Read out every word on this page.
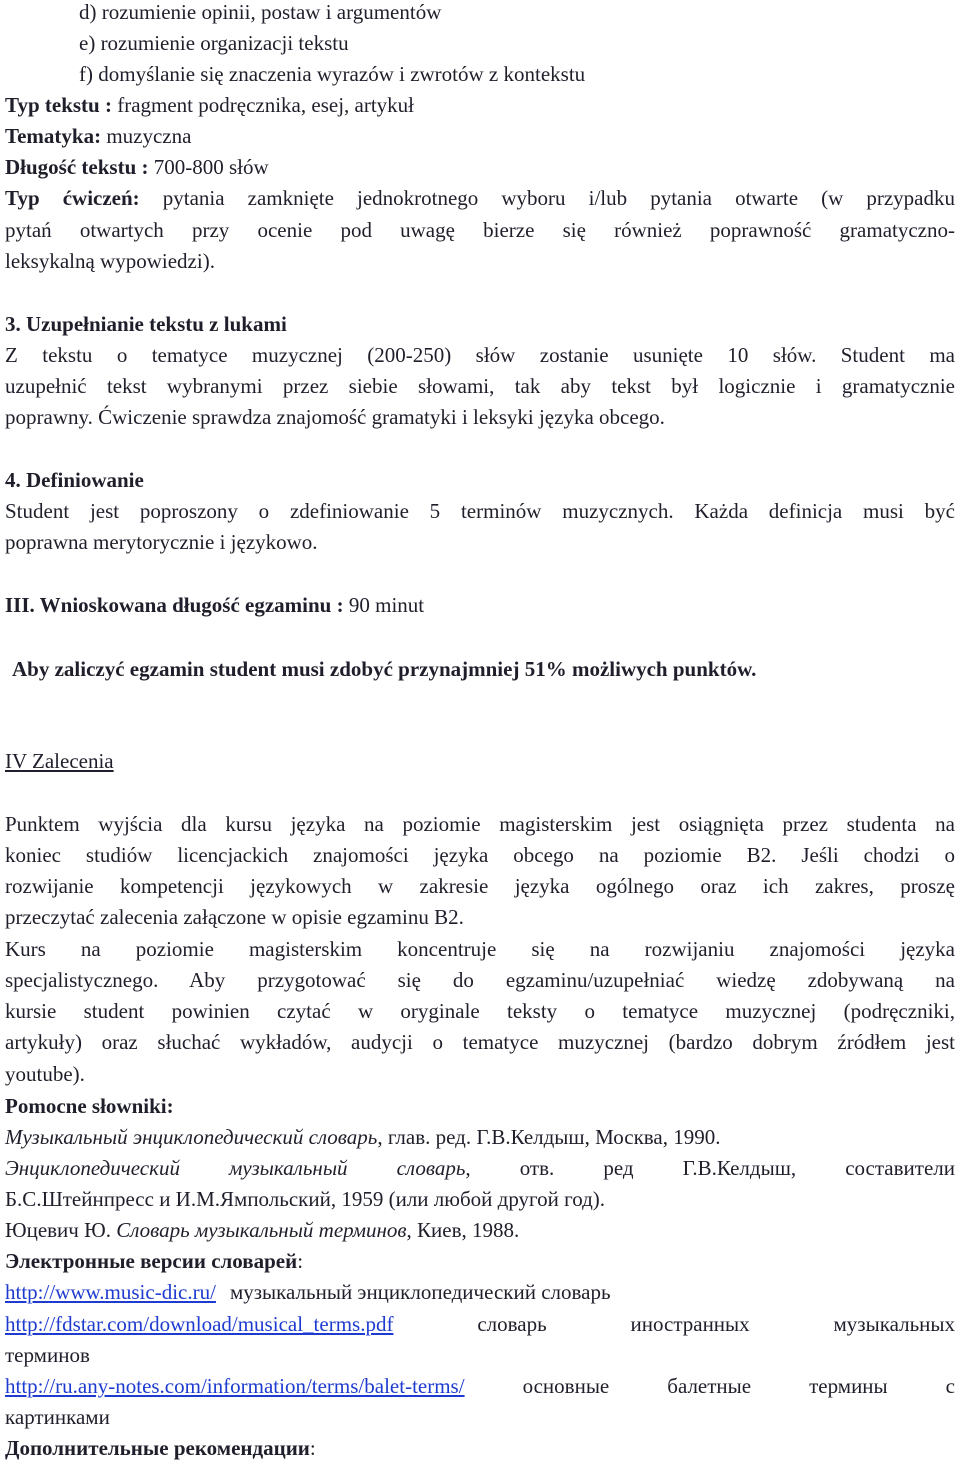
d) rozumienie opinii, postaw i argumentów
e) rozumienie organizacji tekstu
f) domyślanie się znaczenia wyrazów i zwrotów z kontekstu
Typ tekstu : fragment podręcznika, esej, artykuł
Tematyka: muzyczna
Długość tekstu : 700-800 słów
Typ ćwiczeń: pytania zamknięte jednokrotnego wyboru i/lub pytania otwarte (w przypadku
pytań otwartych przy ocenie pod uwagę bierze się również poprawność gramatyczno-
leksykalną wypowiedzi).
3. Uzupełnianie tekstu z lukami
Z tekstu o tematyce muzycznej (200-250) słów zostanie usunięte 10 słów. Student ma
uzupełnić tekst wybranymi przez siebie słowami, tak aby tekst był logicznie i gramatycznie
poprawny. Ćwiczenie sprawdza znajomość gramatyki i leksyki języka obcego.
4. Definiowanie
Student jest poproszony o zdefiniowanie 5 terminów muzycznych. Każda definicja musi być
poprawna merytorycznie i językowo.
III. Wnioskowana długość egzaminu : 90 minut
Aby zaliczyć egzamin student musi zdobyć przynajmniej 51% możliwych punktów.
IV Zalecenia
Punktem wyjścia dla kursu języka na poziomie magisterskim jest osiągnięta przez studenta na
koniec studiów licencjackich znajomości języka obcego na poziomie B2. Jeśli chodzi o
rozwijanie kompetencji językowych w zakresie języka ogólnego oraz ich zakres, proszę
przeczytać zalecenia załączone w opisie egzaminu B2.
Kurs na poziomie magisterskim koncentruje się na rozwijaniu znajomości języka
specjalistycznego. Aby przygotować się do egzaminu/uzupełniać wiedzę zdobywaną na
kursie student powinien czytać w oryginale teksty o tematyce muzycznej (podręczniki,
artykuły) oraz słuchać wykładów, audycji o tematyce muzycznej (bardzo dobrym źródłem jest
youtube).
Pomocne słowniki:
Музыкальный энциклопедический словарь, глав. ред. Г.В.Келдыш, Москва, 1990.
Энциклопедический музыкальный словарь, отв. ред Г.В.Келдыш, составители
Б.С.Штейнпресс и И.М.Ямпольский, 1959 (или любой другой год).
Юцевич Ю. Словарь музыкальный терминов, Киев, 1988.
Электронные версии словарей:
http://www.music-dic.ru/ музыкальный энциклопедический словарь
http://fdstar.com/download/musical_terms.pdf	словарь иностранных музыкальных
терминов
http://ru.any-notes.com/information/terms/balet-terms/	основные балетные термины с
картинками
Дополнительные рекомендации:
